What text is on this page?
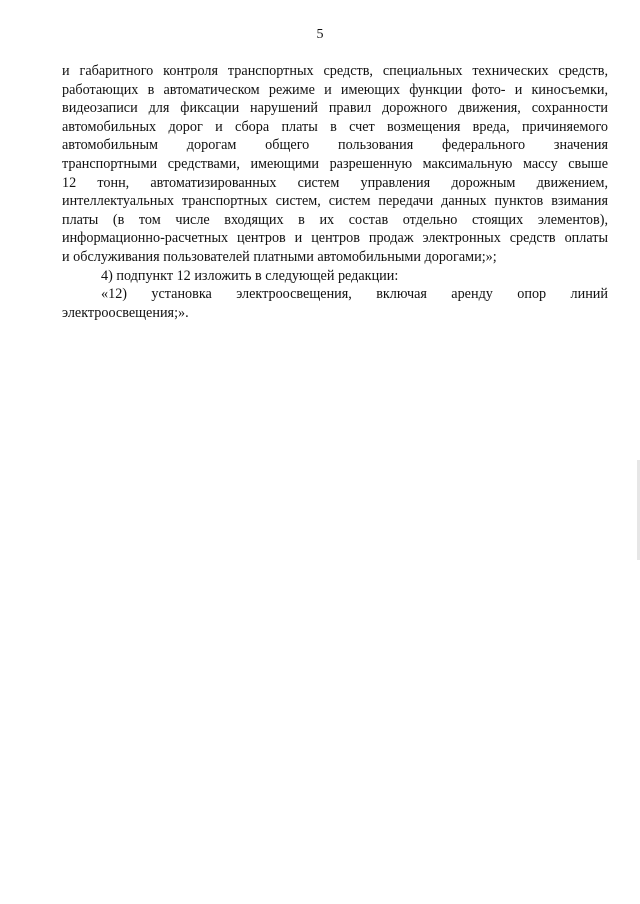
5
и габаритного контроля транспортных средств, специальных технических средств,
работающих в автоматическом режиме и имеющих функции фото- и киносъемки,
видеозаписи для фиксации нарушений правил дорожного движения, сохранности
автомобильных дорог и сбора платы в счет возмещения вреда, причиняемого
автомобильным дорогам общего пользования федерального значения
транспортными средствами, имеющими разрешенную максимальную массу свыше
12 тонн, автоматизированных систем управления дорожным движением,
интеллектуальных транспортных систем, систем передачи данных пунктов взимания
платы (в том числе входящих в их состав отдельно стоящих элементов),
информационно-расчетных центров и центров продаж электронных средств оплаты
и обслуживания пользователей платными автомобильными дорогами;»;
4) подпункт 12 изложить в следующей редакции:
«12) установка электроосвещения, включая аренду опор линий
электроосвещения;».
